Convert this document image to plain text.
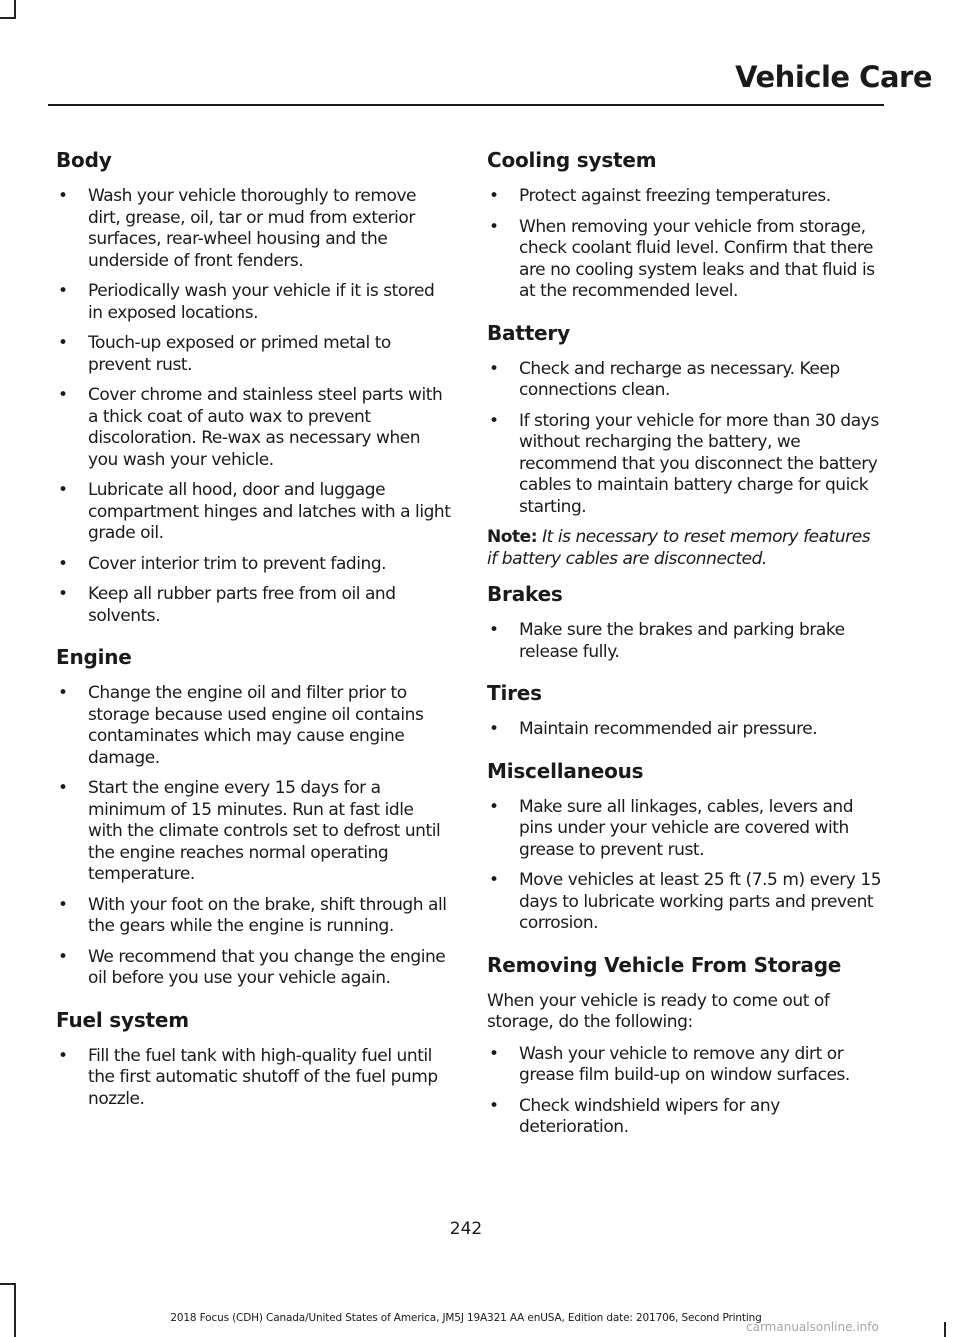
Vehicle Care
Body
• Wash your vehicle thoroughly to remove dirt, grease, oil, tar or mud from exterior surfaces, rear-wheel housing and the underside of front fenders.
• Periodically wash your vehicle if it is stored in exposed locations.
• Touch-up exposed or primed metal to prevent rust.
• Cover chrome and stainless steel parts with a thick coat of auto wax to prevent discoloration. Re-wax as necessary when you wash your vehicle.
• Lubricate all hood, door and luggage compartment hinges and latches with a light grade oil.
• Cover interior trim to prevent fading.
• Keep all rubber parts free from oil and solvents.
Engine
• Change the engine oil and filter prior to storage because used engine oil contains contaminates which may cause engine damage.
• Start the engine every 15 days for a minimum of 15 minutes. Run at fast idle with the climate controls set to defrost until the engine reaches normal operating temperature.
• With your foot on the brake, shift through all the gears while the engine is running.
• We recommend that you change the engine oil before you use your vehicle again.
Fuel system
• Fill the fuel tank with high-quality fuel until the first automatic shutoff of the fuel pump nozzle.
Cooling system
• Protect against freezing temperatures.
• When removing your vehicle from storage, check coolant fluid level. Confirm that there are no cooling system leaks and that fluid is at the recommended level.
Battery
• Check and recharge as necessary. Keep connections clean.
• If storing your vehicle for more than 30 days without recharging the battery, we recommend that you disconnect the battery cables to maintain battery charge for quick starting.

Note: It is necessary to reset memory features if battery cables are disconnected.

Brakes
• Make sure the brakes and parking brake release fully.
Tires
• Maintain recommended air pressure.
Miscellaneous
• Make sure all linkages, cables, levers and pins under your vehicle are covered with grease to prevent rust.
• Move vehicles at least 25 ft (7.5 m) every 15 days to lubricate working parts and prevent corrosion.
Removing Vehicle From Storage

When your vehicle is ready to come out of storage, do the following:

• Wash your vehicle to remove any dirt or grease film build-up on window surfaces.
• Check windshield wipers for any deterioration.
242
2018 Focus (CDH) Canada/United States of America, JM5J 19A321 AA enUSA, Edition date: 201706, Second Printing
carmanualsonline.info
